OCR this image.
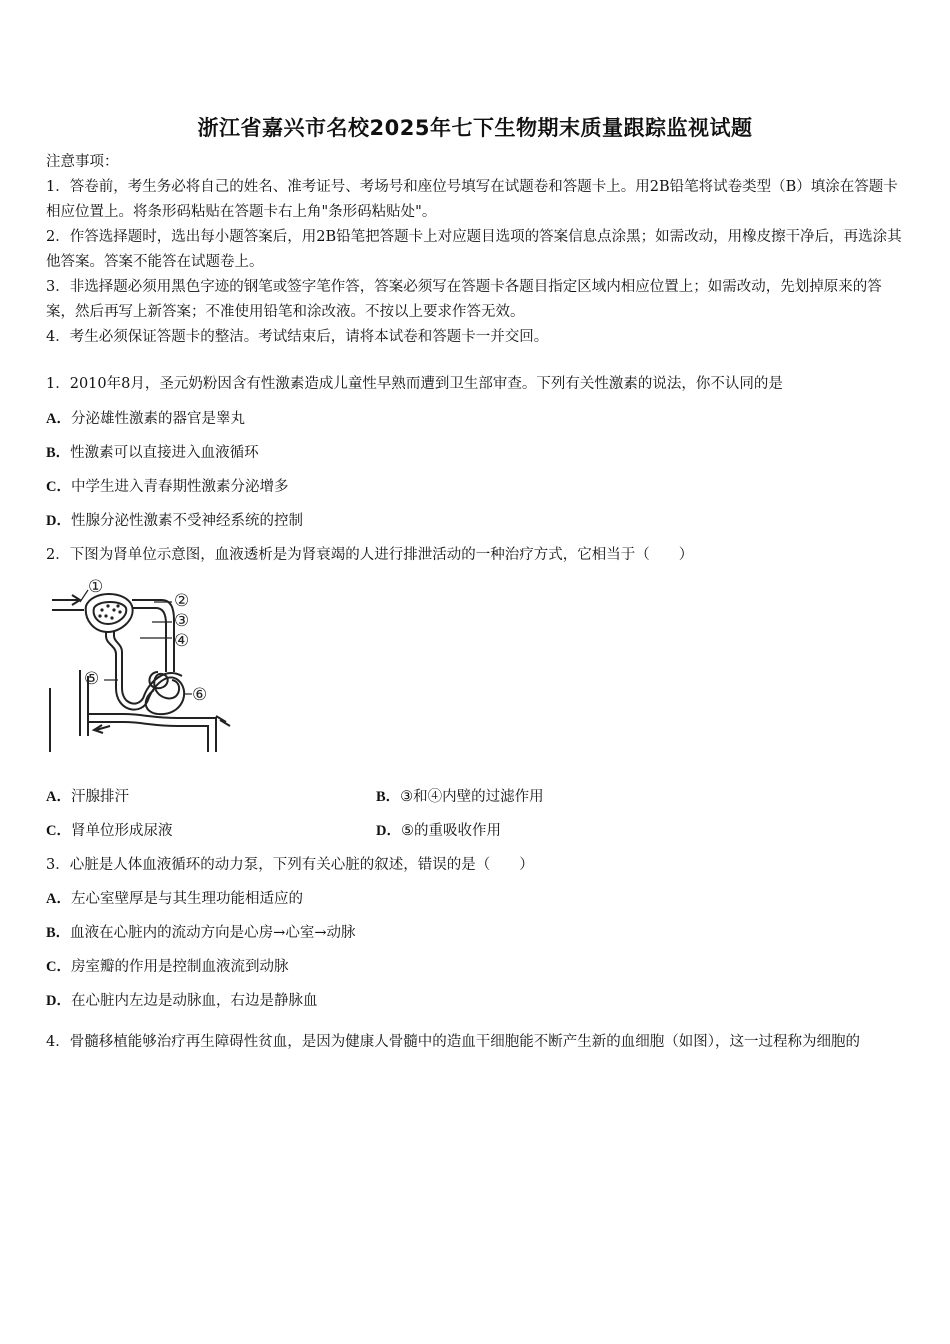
浙江省嘉兴市名校2025年七下生物期末质量跟踪监视试题

注意事项：

1．答卷前，考生务必将自己的姓名、准考证号、考场号和座位号填写在试题卷和答题卡上。用2B铅笔将试卷类型（B）填涂在答题卡相应位置上。将条形码粘贴在答题卡右上角"条形码粘贴处"。

2．作答选择题时，选出每小题答案后，用2B铅笔把答题卡上对应题目选项的答案信息点涂黑；如需改动，用橡皮擦干净后，再选涂其他答案。答案不能答在试题卷上。

3．非选择题必须用黑色字迹的钢笔或签字笔作答，答案必须写在答题卡各题目指定区域内相应位置上；如需改动，先划掉原来的答案，然后再写上新答案；不准使用铅笔和涂改液。不按以上要求作答无效。

4．考生必须保证答题卡的整洁。考试结束后，请将本试卷和答题卡一并交回。

1．2010年8月，圣元奶粉因含有性激素造成儿童性早熟而遭到卫生部审查。下列有关性激素的说法，你不认同的是

A．分泌雄性激素的器官是睾丸
B．性激素可以直接进入血液循环
C．中学生进入青春期性激素分泌增多
D．性腺分泌性激素不受神经系统的控制

2．下图为肾单位示意图，血液透析是为肾衰竭的人进行排泄活动的一种治疗方式，它相当于（　　）

①
②
③
④
⑤
⑥
A．汗腺排汗	B．③和④内壁的过滤作用
C．肾单位形成尿液	D．⑤的重吸收作用

3．心脏是人体血液循环的动力泵，下列有关心脏的叙述，错误的是（　　）

A．左心室壁厚是与其生理功能相适应的
B．血液在心脏内的流动方向是心房→心室→动脉
C．房室瓣的作用是控制血液流到动脉
D．在心脏内左边是动脉血，右边是静脉血

4．骨髓移植能够治疗再生障碍性贫血，是因为健康人骨髓中的造血干细胞能不断产生新的血细胞（如图），这一过程称为细胞的
